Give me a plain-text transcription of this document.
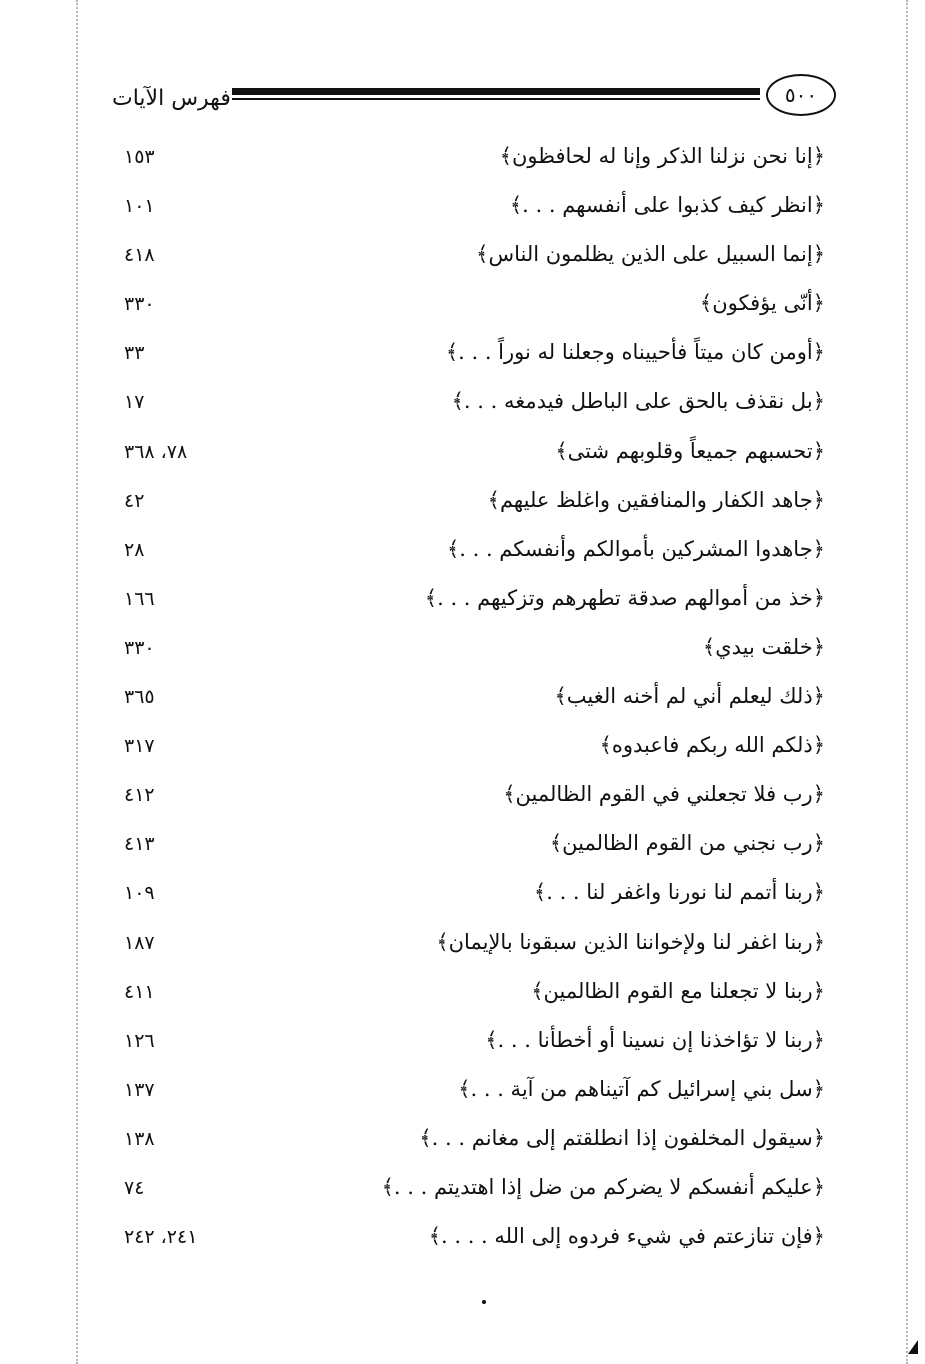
فهرس الآيات	٥٠٠
﴿إنا نحن نزلنا الذكر وإنا له لحافظون﴾
١٥٣
﴿انظر كيف كذبوا على أنفسهم . . .﴾
١٠١
﴿إنما السبيل على الذين يظلمون الناس﴾
٤١٨
﴿أنّى يؤفكون﴾
٣٣٠
﴿أومن كان ميتاً فأحييناه وجعلنا له نوراً . . .﴾
٣٣
﴿بل نقذف بالحق على الباطل فيدمغه . . .﴾
١٧
﴿تحسبهم جميعاً وقلوبهم شتى﴾
٧٨، ٣٦٨
﴿جاهد الكفار والمنافقين واغلظ عليهم﴾
٤٢
﴿جاهدوا المشركين بأموالكم وأنفسكم . . .﴾
٢٨
﴿خذ من أموالهم صدقة تطهرهم وتزكيهم . . .﴾
١٦٦
﴿خلقت بيدي﴾
٣٣٠
﴿ذلك ليعلم أني لم أخنه الغيب﴾
٣٦٥
﴿ذلكم الله ربكم فاعبدوه﴾
٣١٧
﴿رب فلا تجعلني في القوم الظالمين﴾
٤١٢
﴿رب نجني من القوم الظالمين﴾
٤١٣
﴿ربنا أتمم لنا نورنا واغفر لنا . . .﴾
١٠٩
﴿ربنا اغفر لنا ولإخواننا الذين سبقونا بالإيمان﴾
١٨٧
﴿ربنا لا تجعلنا مع القوم الظالمين﴾
٤١١
﴿ربنا لا تؤاخذنا إن نسينا أو أخطأنا . . .﴾
١٢٦
﴿سل بني إسرائيل كم آتيناهم من آية . . .﴾
١٣٧
﴿سيقول المخلفون إذا انطلقتم إلى مغانم . . .﴾
١٣٨
﴿عليكم أنفسكم لا يضركم من ضل إذا اهتديتم . . .﴾
٧٤
﴿فإن تنازعتم في شيء فردوه إلى الله . . . .﴾
٢٤١، ٢٤٢
